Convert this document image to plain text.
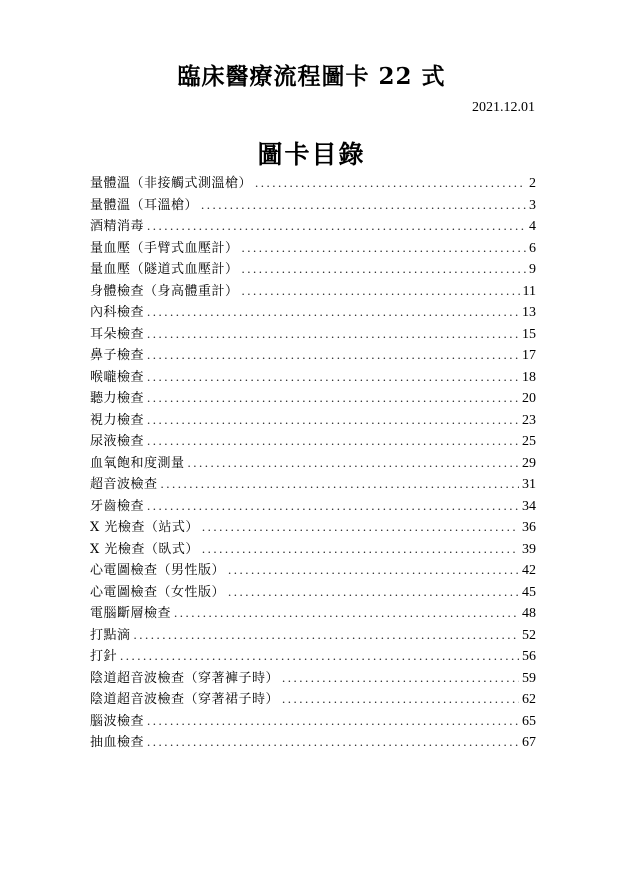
臨床醫療流程圖卡 22 式
2021.12.01
圖卡目錄
量體溫（非接觸式測溫槍） .....	2
量體溫（耳溫槍） .....	3
酒精消毒 .....	4
量血壓（手臂式血壓計） .....	6
量血壓（隧道式血壓計） .....	9
身體檢查（身高體重計） .....	11
內科檢查 .....	13
耳朵檢查 .....	15
鼻子檢查 .....	17
喉嚨檢查 .....	18
聽力檢查 .....	20
視力檢查 .....	23
尿液檢查 .....	25
血氧飽和度測量 .....	29
超音波檢查 .....	31
牙齒檢查 .....	34
X 光檢查（站式） .....	36
X 光檢查（臥式） .....	39
心電圖檢查（男性版） .....	42
心電圖檢查（女性版） .....	45
電腦斷層檢查 .....	48
打點滴 .....	52
打針 .....	56
陰道超音波檢查（穿著褲子時） .....	59
陰道超音波檢查（穿著裙子時） .....	62
腦波檢查 .....	65
抽血檢查 .....	67
